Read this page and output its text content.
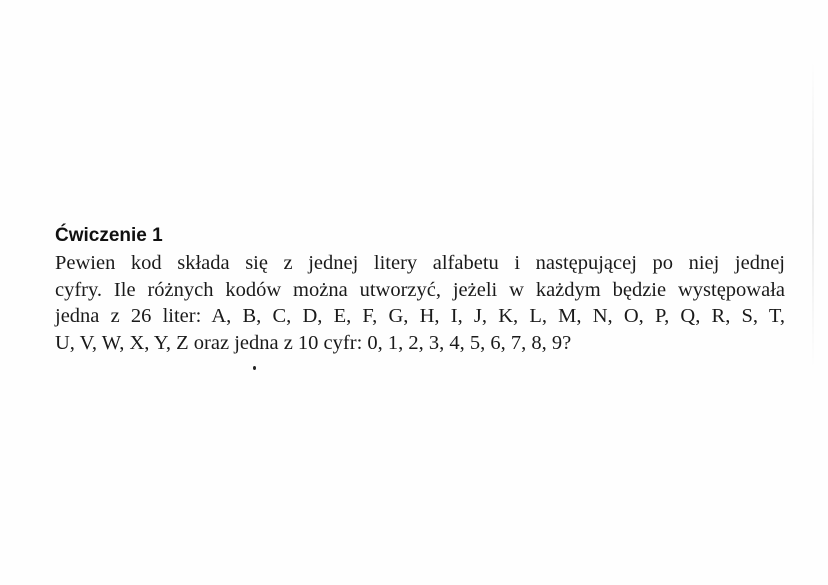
Ćwiczenie 1

Pewien kod składa się z jednej litery alfabetu i następującej po niej jednej
cyfry. Ile różnych kodów można utworzyć, jeżeli w każdym będzie występowała
jedna z 26 liter: A, B, C, D, E, F, G, H, I, J, K, L, M, N, O, P, Q, R, S, T,
U, V, W, X, Y, Z oraz jedna z 10 cyfr: 0, 1, 2, 3, 4, 5, 6, 7, 8, 9?
